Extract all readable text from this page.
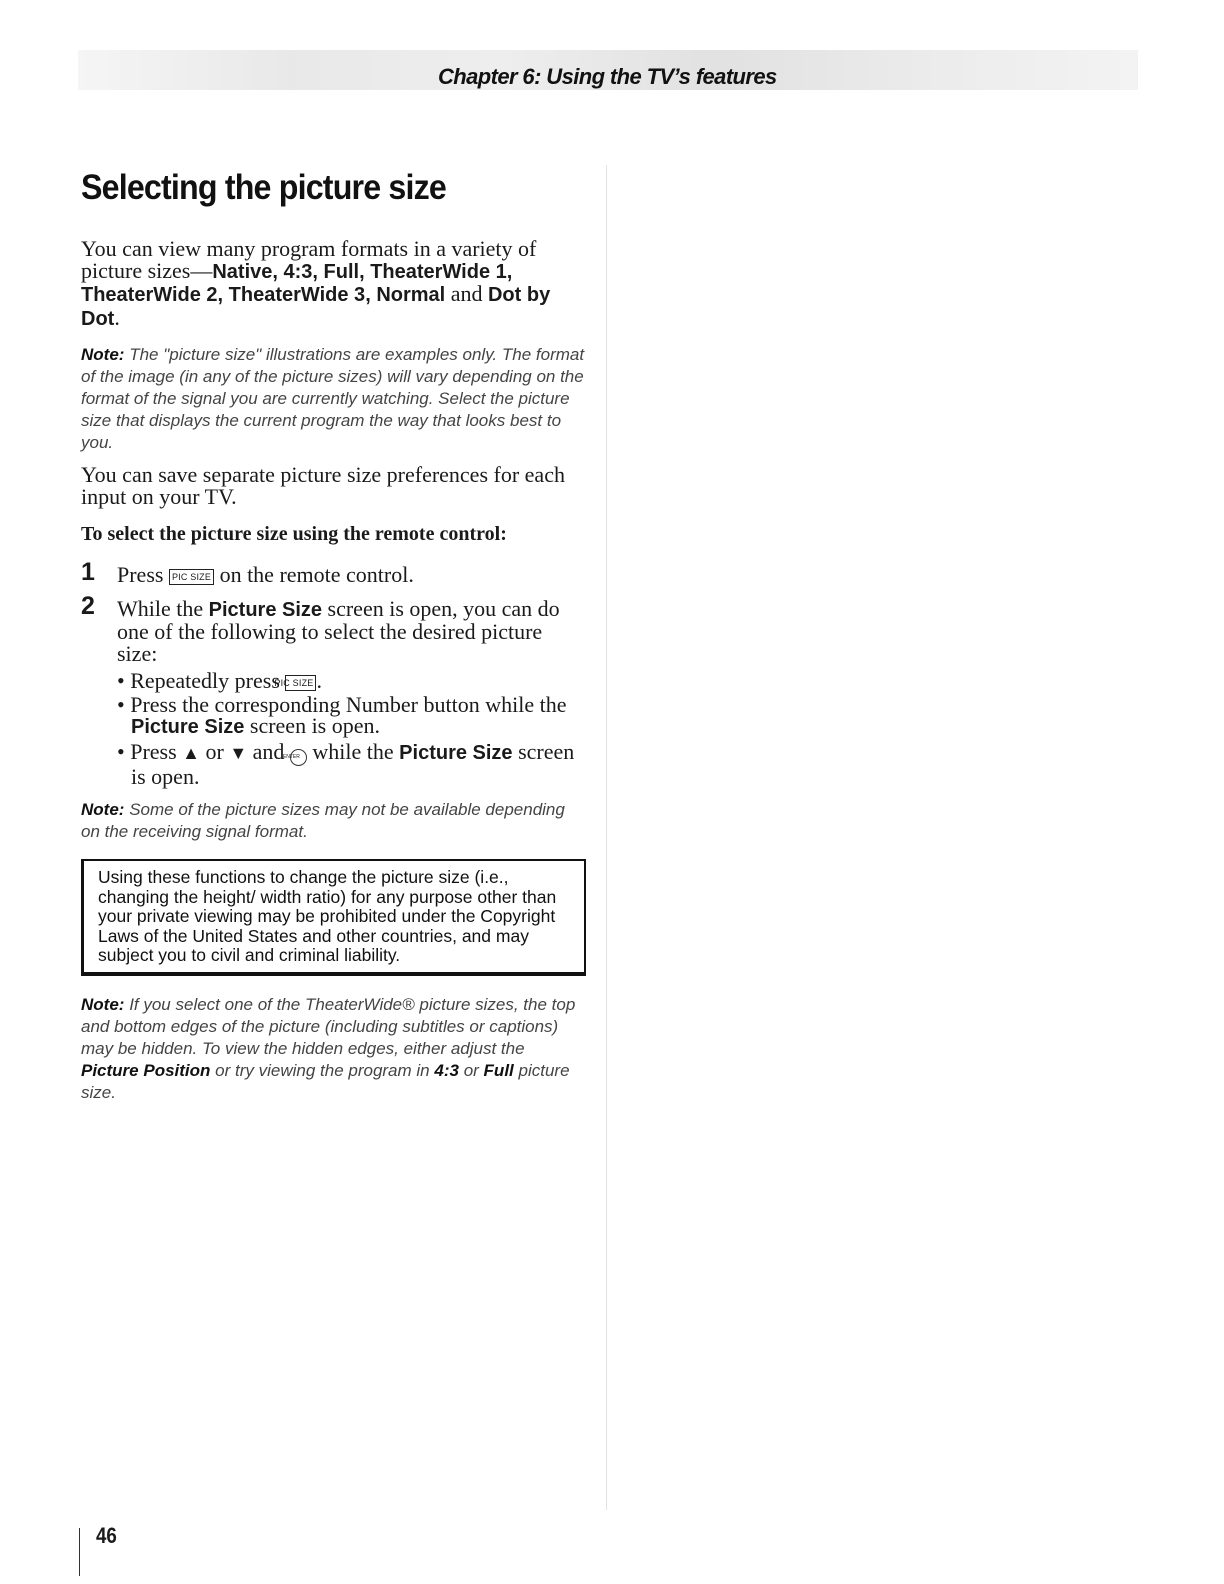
Chapter 6: Using the TV’s features
Selecting the picture size

You can view many program formats in a variety of picture sizes—Native, 4:3, Full, TheaterWide 1, TheaterWide 2, TheaterWide 3, Normal and Dot by Dot.

Note: The "picture size" illustrations are examples only. The format of the image (in any of the picture sizes) will vary depending on the format of the signal you are currently watching. Select the picture size that displays the current program the way that looks best to you.

You can save separate picture size preferences for each input on your TV.

To select the picture size using the remote control:
1 Press PIC SIZE on the remote control.
2 While the Picture Size screen is open, you can do one of the following to select the desired picture size:
• Repeatedly press PIC SIZE .
• Press the corresponding Number button while the Picture Size screen is open.
• Press ▲ or ▼ and ENTER while the Picture Size screen is open.

Note: Some of the picture sizes may not be available depending on the receiving signal format.

Using these functions to change the picture size (i.e., changing the height/ width ratio) for any purpose other than your private viewing may be prohibited under the Copyright Laws of the United States and other countries, and may subject you to civil and criminal liability.

Note: If you select one of the TheaterWide® picture sizes, the top and bottom edges of the picture (including subtitles or captions) may be hidden. To view the hidden edges, either adjust the Picture Position or try viewing the program in 4:3 or Full picture size.

46
